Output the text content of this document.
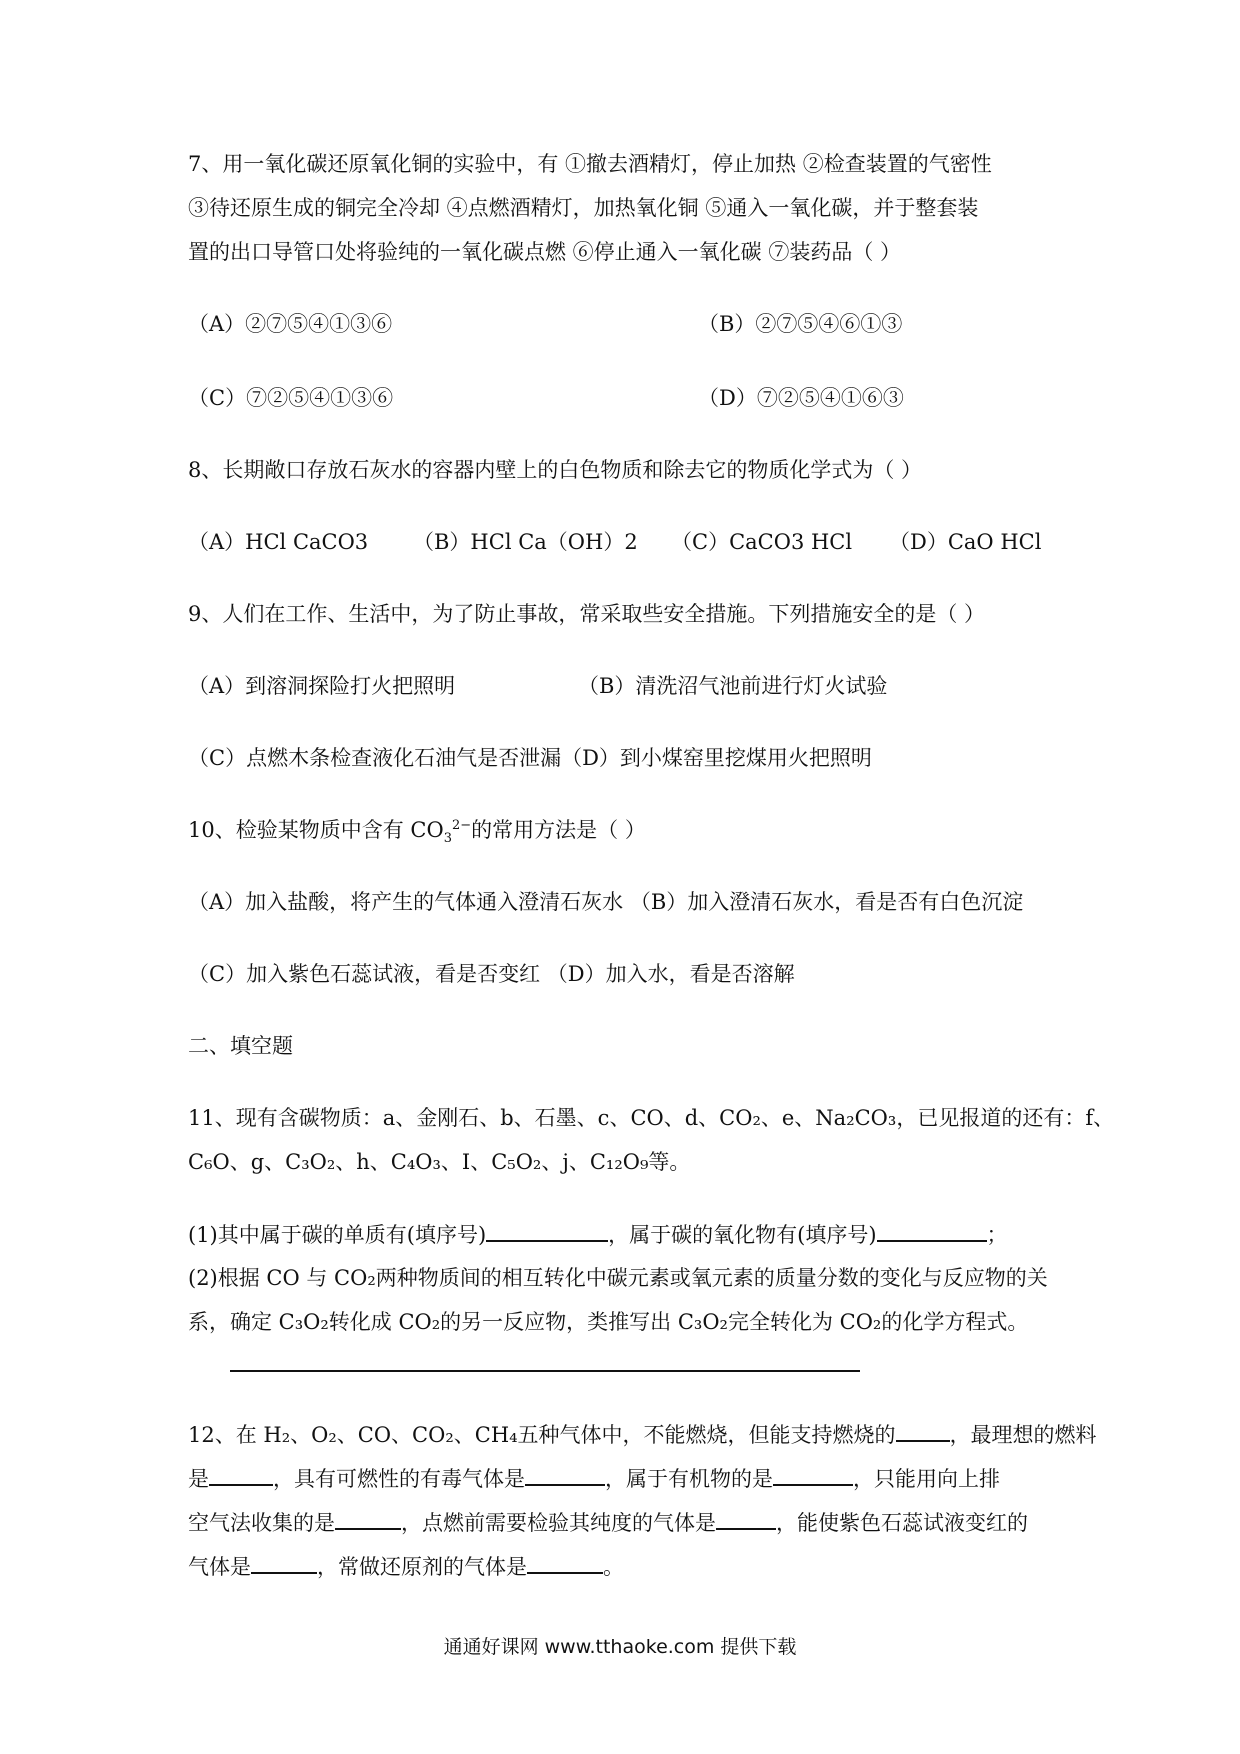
7、用一氧化碳还原氧化铜的实验中，有 ①撤去酒精灯，停止加热 ②检查装置的气密性
③待还原生成的铜完全冷却 ④点燃酒精灯，加热氧化铜 ⑤通入一氧化碳，并于整套装
置的出口导管口处将验纯的一氧化碳点燃 ⑥停止通入一氧化碳 ⑦装药品（ ）
（A）②⑦⑤④①③⑥	（B）②⑦⑤④⑥①③
（C）⑦②⑤④①③⑥	（D）⑦②⑤④①⑥③
8、长期敞口存放石灰水的容器内壁上的白色物质和除去它的物质化学式为（ ）
（A）HCl CaCO3 （B）HCl Ca（OH）2 （C）CaCO3 HCl （D）CaO HCl
9、人们在工作、生活中，为了防止事故，常采取些安全措施。下列措施安全的是（ ）
（A）到溶洞探险打火把照明	（B）清洗沼气池前进行灯火试验
（C）点燃木条检查液化石油气是否泄漏（D）到小煤窑里挖煤用火把照明
10、检验某物质中含有 $CO_3^{2-}$的常用方法是（ ）
（A）加入盐酸，将产生的气体通入澄清石灰水 （B）加入澄清石灰水，看是否有白色沉淀
（C）加入紫色石蕊试液，看是否变红 （D）加入水，看是否溶解
二、填空题
11、现有含碳物质：a、金刚石、b、石墨、c、CO、d、CO₂、e、Na₂CO₃，已见报道的还有：f、
C₆O、g、C₃O₂、h、C₄O₃、I、C₅O₂、j、C₁₂O₉等。
(1)其中属于碳的单质有(填序号)	，属于碳的氧化物有(填序号)	；
(2)根据 CO 与 CO₂两种物质间的相互转化中碳元素或氧元素的质量分数的变化与反应物的关
系，确定 C₃O₂转化成 CO₂的另一反应物，类推写出 C₃O₂完全转化为 CO₂的化学方程式。
12、在 H₂、O₂、CO、CO₂、CH₄五种气体中，不能燃烧，但能支持燃烧的	，最理想的燃料
是	，具有可燃性的有毒气体是	，属于有机物的是	，只能用向上排
空气法收集的是	，点燃前需要检验其纯度的气体是	，能使紫色石蕊试液变红的
气体是	，常做还原剂的气体是	。
通通好课网 www.tthaoke.com 提供下载
